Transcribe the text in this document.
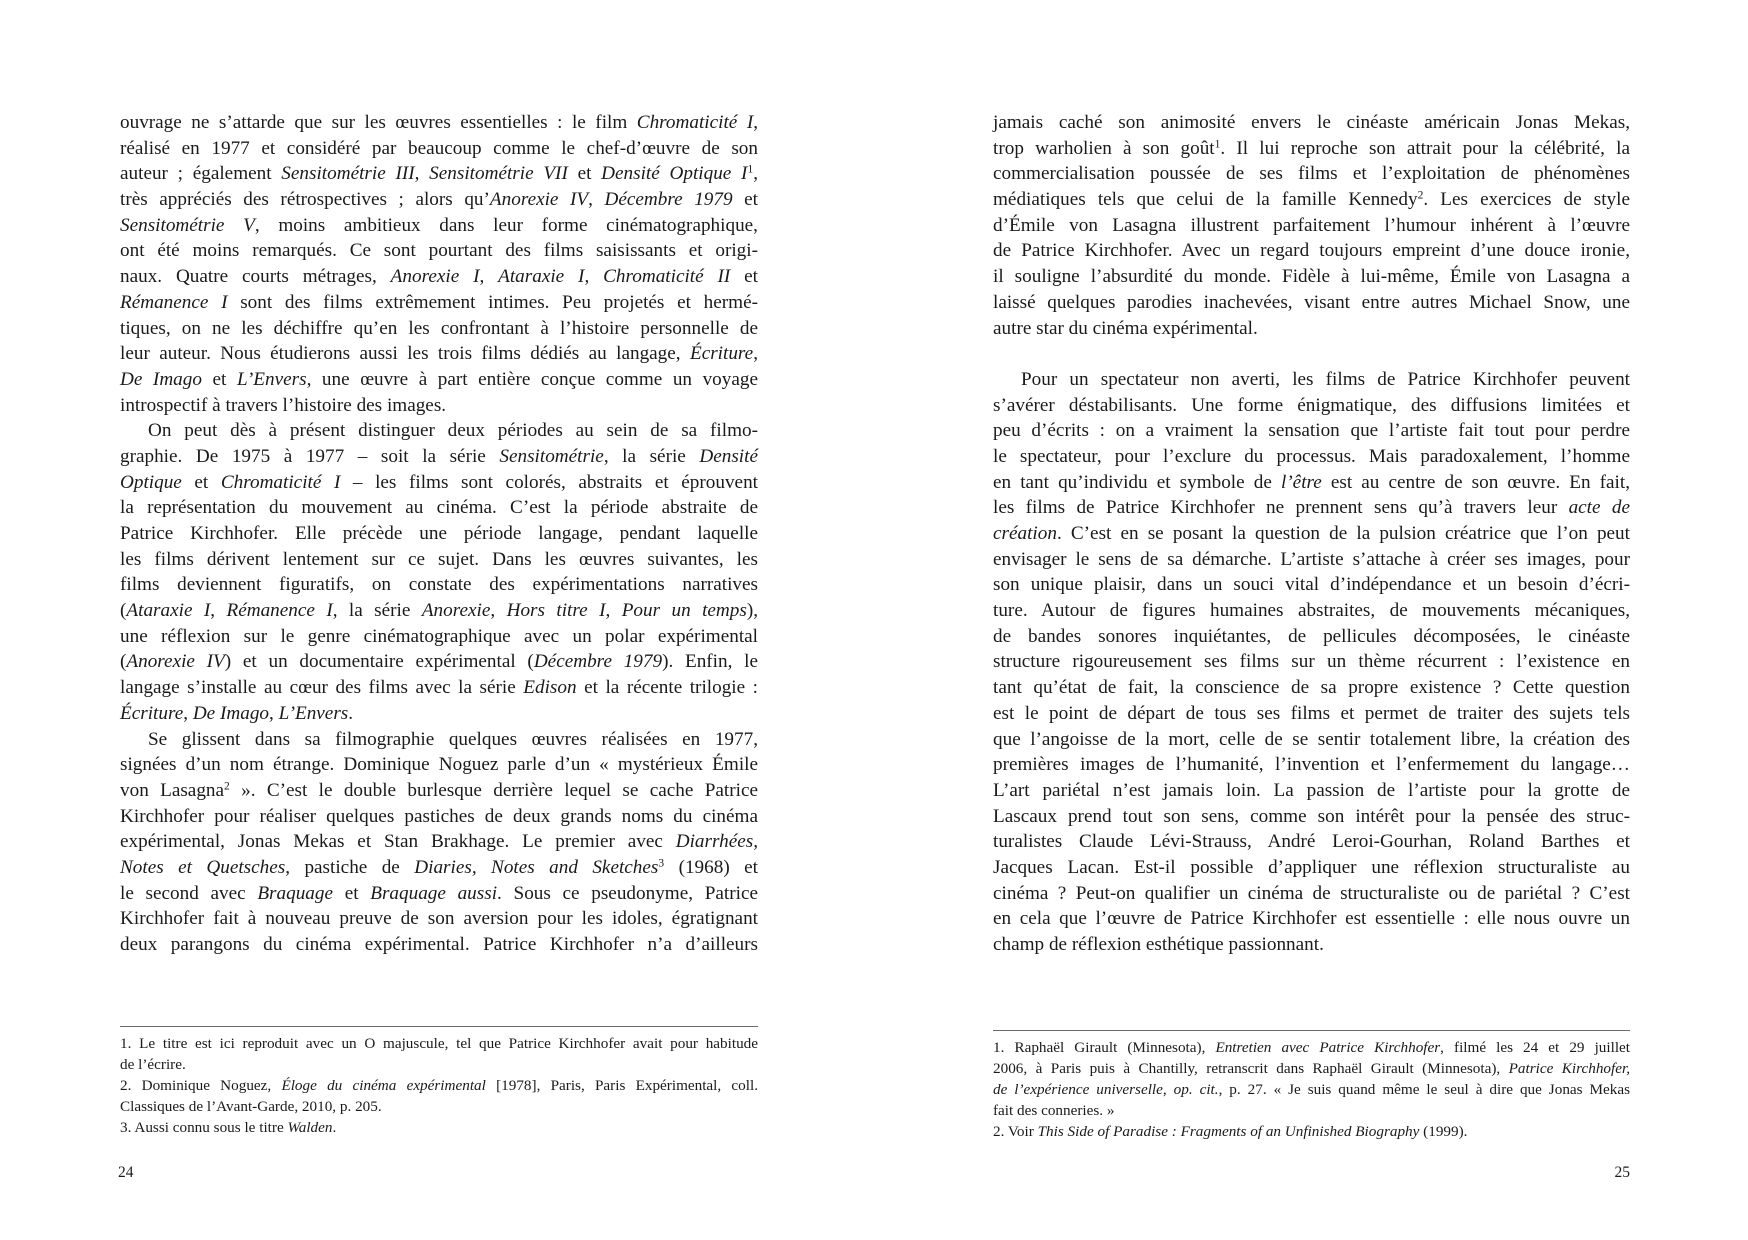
ouvrage ne s’attarde que sur les œuvres essentielles : le film Chromaticité I,
réalisé en 1977 et considéré par beaucoup comme le chef-d’œuvre de son
auteur ; également Sensitométrie III, Sensitométrie VII et Densité Optique $I^1$,
très appréciés des rétrospectives ; alors qu’Anorexie IV, Décembre 1979 et
Sensitométrie V, moins ambitieux dans leur forme cinématographique,
ont été moins remarqués. Ce sont pourtant des films saisissants et origi-
naux. Quatre courts métrages, Anorexie I, Ataraxie I, Chromaticité II et
Rémanence I sont des films extrêmement intimes. Peu projetés et hermé-
tiques, on ne les déchiffre qu’en les confrontant à l’histoire personnelle de
leur auteur. Nous étudierons aussi les trois films dédiés au langage, Écriture,
De Imago et L’Envers, une œuvre à part entière conçue comme un voyage
introspectif à travers l’histoire des images.
On peut dès à présent distinguer deux périodes au sein de sa filmo-
graphie. De 1975 à 1977 – soit la série Sensitométrie, la série Densité
Optique et Chromaticité I – les films sont colorés, abstraits et éprouvent
la représentation du mouvement au cinéma. C’est la période abstraite de
Patrice Kirchhofer. Elle précède une période langage, pendant laquelle
les films dérivent lentement sur ce sujet. Dans les œuvres suivantes, les
films deviennent figuratifs, on constate des expérimentations narratives
(Ataraxie I, Rémanence I, la série Anorexie, Hors titre I, Pour un temps),
une réflexion sur le genre cinématographique avec un polar expérimental
(Anorexie IV) et un documentaire expérimental (Décembre 1979). Enfin, le
langage s’installe au cœur des films avec la série Edison et la récente trilogie :
Écriture, De Imago, L’Envers.
Se glissent dans sa filmographie quelques œuvres réalisées en 1977,
signées d’un nom étrange. Dominique Noguez parle d’un « mystérieux Émile
von Lasagna$^2$ ». C’est le double burlesque derrière lequel se cache Patrice
Kirchhofer pour réaliser quelques pastiches de deux grands noms du cinéma
expérimental, Jonas Mekas et Stan Brakhage. Le premier avec Diarrhées,
Notes et Quetsches, pastiche de Diaries, Notes and Sketches$^3$ (1968) et
le second avec Braquage et Braquage aussi. Sous ce pseudonyme, Patrice
Kirchhofer fait à nouveau preuve de son aversion pour les idoles, égratignant
deux parangons du cinéma expérimental. Patrice Kirchhofer n’a d’ailleurs
1. Le titre est ici reproduit avec un O majuscule, tel que Patrice Kirchhofer avait pour habitude
de l’écrire.
2. Dominique Noguez, Éloge du cinéma expérimental [1978], Paris, Paris Expérimental, coll.
Classiques de l’Avant-Garde, 2010, p. 205.
3. Aussi connu sous le titre Walden.
24
jamais caché son animosité envers le cinéaste américain Jonas Mekas,
trop warholien à son goût$^1$. Il lui reproche son attrait pour la célébrité, la
commercialisation poussée de ses films et l’exploitation de phénomènes
médiatiques tels que celui de la famille Kennedy$^2$. Les exercices de style
d’Émile von Lasagna illustrent parfaitement l’humour inhérent à l’œuvre
de Patrice Kirchhofer. Avec un regard toujours empreint d’une douce ironie,
il souligne l’absurdité du monde. Fidèle à lui-même, Émile von Lasagna a
laissé quelques parodies inachevées, visant entre autres Michael Snow, une
autre star du cinéma expérimental.
Pour un spectateur non averti, les films de Patrice Kirchhofer peuvent
s’avérer déstabilisants. Une forme énigmatique, des diffusions limitées et
peu d’écrits : on a vraiment la sensation que l’artiste fait tout pour perdre
le spectateur, pour l’exclure du processus. Mais paradoxalement, l’homme
en tant qu’individu et symbole de l’être est au centre de son œuvre. En fait,
les films de Patrice Kirchhofer ne prennent sens qu’à travers leur acte de
création. C’est en se posant la question de la pulsion créatrice que l’on peut
envisager le sens de sa démarche. L’artiste s’attache à créer ses images, pour
son unique plaisir, dans un souci vital d’indépendance et un besoin d’écri-
ture. Autour de figures humaines abstraites, de mouvements mécaniques,
de bandes sonores inquiétantes, de pellicules décomposées, le cinéaste
structure rigoureusement ses films sur un thème récurrent : l’existence en
tant qu’état de fait, la conscience de sa propre existence ? Cette question
est le point de départ de tous ses films et permet de traiter des sujets tels
que l’angoisse de la mort, celle de se sentir totalement libre, la création des
premières images de l’humanité, l’invention et l’enfermement du langage…
L’art pariétal n’est jamais loin. La passion de l’artiste pour la grotte de
Lascaux prend tout son sens, comme son intérêt pour la pensée des struc-
turalistes Claude Lévi-Strauss, André Leroi-Gourhan, Roland Barthes et
Jacques Lacan. Est-il possible d’appliquer une réflexion structuraliste au
cinéma ? Peut-on qualifier un cinéma de structuraliste ou de pariétal ? C’est
en cela que l’œuvre de Patrice Kirchhofer est essentielle : elle nous ouvre un
champ de réflexion esthétique passionnant.
1. Raphaël Girault (Minnesota), Entretien avec Patrice Kirchhofer, filmé les 24 et 29 juillet
2006, à Paris puis à Chantilly, retranscrit dans Raphaël Girault (Minnesota), Patrice Kirchhofer,
de l’expérience universelle, op. cit., p. 27. « Je suis quand même le seul à dire que Jonas Mekas
fait des conneries. »
2. Voir This Side of Paradise : Fragments of an Unfinished Biography (1999).
25
